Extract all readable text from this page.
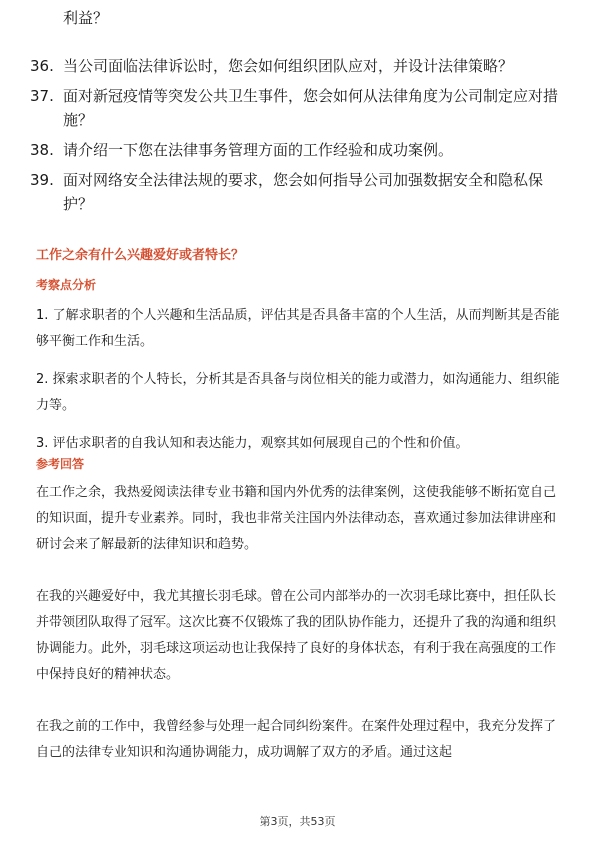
利益？

36. 当公司面临法律诉讼时，您会如何组织团队应对，并设计法律策略？
37. 面对新冠疫情等突发公共卫生事件，您会如何从法律角度为公司制定应对措施？
38. 请介绍一下您在法律事务管理方面的工作经验和成功案例。
39. 面对网络安全法律法规的要求，您会如何指导公司加强数据安全和隐私保护？
工作之余有什么兴趣爱好或者特长？
考察点分析

1. 了解求职者的个人兴趣和生活品质，评估其是否具备丰富的个人生活，从而判断其是否能够平衡工作和生活。

2. 探索求职者的个人特长，分析其是否具备与岗位相关的能力或潜力，如沟通能力、组织能力等。

3. 评估求职者的自我认知和表达能力，观察其如何展现自己的个性和价值。

参考回答

在工作之余，我热爱阅读法律专业书籍和国内外优秀的法律案例，这使我能够不断拓宽自己的知识面，提升专业素养。同时，我也非常关注国内外法律动态，喜欢通过参加法律讲座和研讨会来了解最新的法律知识和趋势。

在我的兴趣爱好中，我尤其擅长羽毛球。曾在公司内部举办的一次羽毛球比赛中，担任队长并带领团队取得了冠军。这次比赛不仅锻炼了我的团队协作能力，还提升了我的沟通和组织协调能力。此外，羽毛球这项运动也让我保持了良好的身体状态，有利于我在高强度的工作中保持良好的精神状态。

在我之前的工作中，我曾经参与处理一起合同纠纷案件。在案件处理过程中，我充分发挥了自己的法律专业知识和沟通协调能力，成功调解了双方的矛盾。通过这起

第3页，共53页
